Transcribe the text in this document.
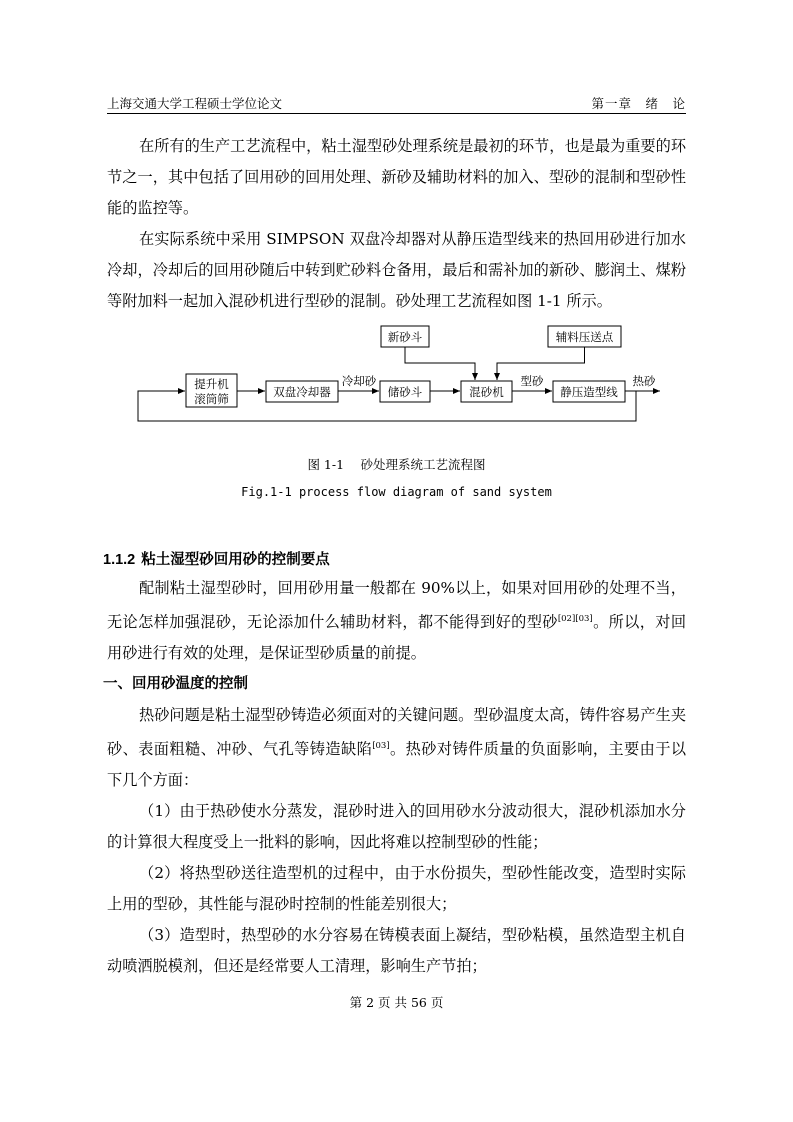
上海交通大学工程硕士学位论文	第一章　绪　论

在所有的生产工艺流程中，粘土湿型砂处理系统是最初的环节，也是最为重要的环节之一，其中包括了回用砂的回用处理、新砂及辅助材料的加入、型砂的混制和型砂性能的监控等。

在实际系统中采用 SIMPSON 双盘冷却器对从静压造型线来的热回用砂进行加水冷却，冷却后的回用砂随后中转到贮砂料仓备用，最后和需补加的新砂、膨润土、煤粉等附加料一起加入混砂机进行型砂的混制。砂处理工艺流程如图 1-1 所示。

新砂斗	辅料压送点
提升机
滚筒筛	双盘冷却器	储砂斗	混砂机	静压造型线
冷却砂	型砂	热砂
图 1-1　 砂处理系统工艺流程图
Fig.1-1 process flow diagram of sand system
1.1.2 粘土湿型砂回用砂的控制要点

配制粘土湿型砂时，回用砂用量一般都在 90%以上，如果对回用砂的处理不当，无论怎样加强混砂，无论添加什么辅助材料，都不能得到好的型砂[02][03]。所以，对回用砂进行有效的处理，是保证型砂质量的前提。

一、回用砂温度的控制

热砂问题是粘土湿型砂铸造必须面对的关键问题。型砂温度太高，铸件容易产生夹砂、表面粗糙、冲砂、气孔等铸造缺陷[03]。热砂对铸件质量的负面影响，主要由于以下几个方面：

（1）由于热砂使水分蒸发，混砂时进入的回用砂水分波动很大，混砂机添加水分的计算很大程度受上一批料的影响，因此将难以控制型砂的性能；

（2）将热型砂送往造型机的过程中，由于水份损失，型砂性能改变，造型时实际上用的型砂，其性能与混砂时控制的性能差别很大；

（3）造型时，热型砂的水分容易在铸模表面上凝结，型砂粘模，虽然造型主机自动喷洒脱模剂，但还是经常要人工清理，影响生产节拍；

第 2 页 共 56 页
